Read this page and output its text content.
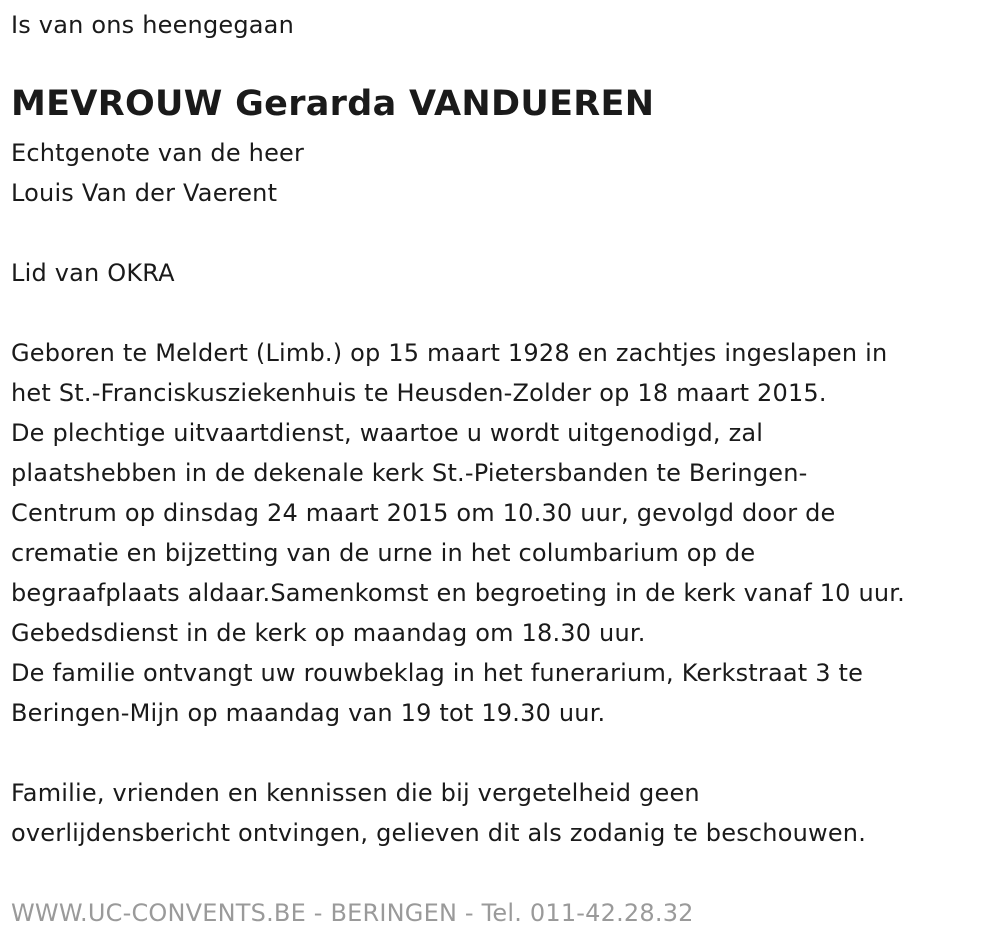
Is van ons heengegaan
MEVROUW Gerarda VANDUEREN
Echtgenote van de heer
Louis Van der Vaerent
Lid van OKRA
Geboren te Meldert (Limb.) op 15 maart 1928 en zachtjes ingeslapen in
het St.-Franciskusziekenhuis te Heusden-Zolder op 18 maart 2015.
De plechtige uitvaartdienst, waartoe u wordt uitgenodigd, zal
plaatshebben in de dekenale kerk St.-Pietersbanden te Beringen-
Centrum op dinsdag 24 maart 2015 om 10.30 uur, gevolgd door de
crematie en bijzetting van de urne in het columbarium op de
begraafplaats aldaar.Samenkomst en begroeting in de kerk vanaf 10 uur.
Gebedsdienst in de kerk op maandag om 18.30 uur.
De familie ontvangt uw rouwbeklag in het funerarium, Kerkstraat 3 te
Beringen-Mijn op maandag van 19 tot 19.30 uur.
Familie, vrienden en kennissen die bij vergetelheid geen
overlijdensbericht ontvingen, gelieven dit als zodanig te beschouwen.
WWW.UC-CONVENTS.BE - BERINGEN - Tel. 011-42.28.32
